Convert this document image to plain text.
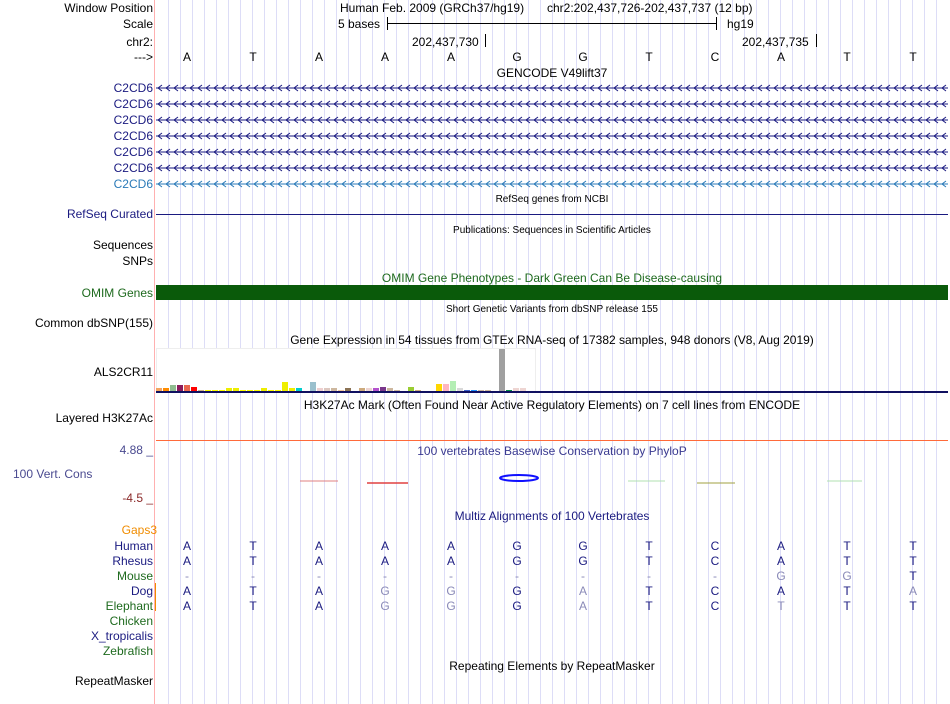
Window Position
Scale
chr2:
--->
Human Feb. 2009 (GRCh37/hg19) chr2:202,437,726-202,437,737 (12 bp)
5 bases	hg19
202,437,730	202,437,735
A	T	A	A	A	G	G	T	C	A	T	T
GENCODE V49lift37
C2CD6
C2CD6
C2CD6
C2CD6
C2CD6
C2CD6
C2CD6
RefSeq genes from NCBI
RefSeq Curated
Publications: Sequences in Scientific Articles
Sequences
SNPs
OMIM Gene Phenotypes - Dark Green Can Be Disease-causing
OMIM Genes
Short Genetic Variants from dbSNP release 155
Common dbSNP(155)
Gene Expression in 54 tissues from GTEx RNA-seq of 17382 samples, 948 donors (V8, Aug 2019)
ALS2CR11
H3K27Ac Mark (Often Found Near Active Regulatory Elements) on 7 cell lines from ENCODE
Layered H3K27Ac
4.88 _	100 vertebrates Basewise Conservation by PhyloP
100 Vert. Cons
-4.5 _
Multiz Alignments of 100 Vertebrates
Gaps3
Human	A	T	A	A	A	G	G	T	C	A	T	T
Rhesus	A	T	A	A	A	G	G	T	C	A	T	T
Mouse	-	-	-	-	-	-	-	-	-	G	G	T
Dog	A	T	A	G	G	G	A	T	C	A	T	A
Elephant	A	T	A	G	G	G	A	T	C	T	T	T
Chicken
X_tropicalis
Zebrafish
Repeating Elements by RepeatMasker
RepeatMasker
